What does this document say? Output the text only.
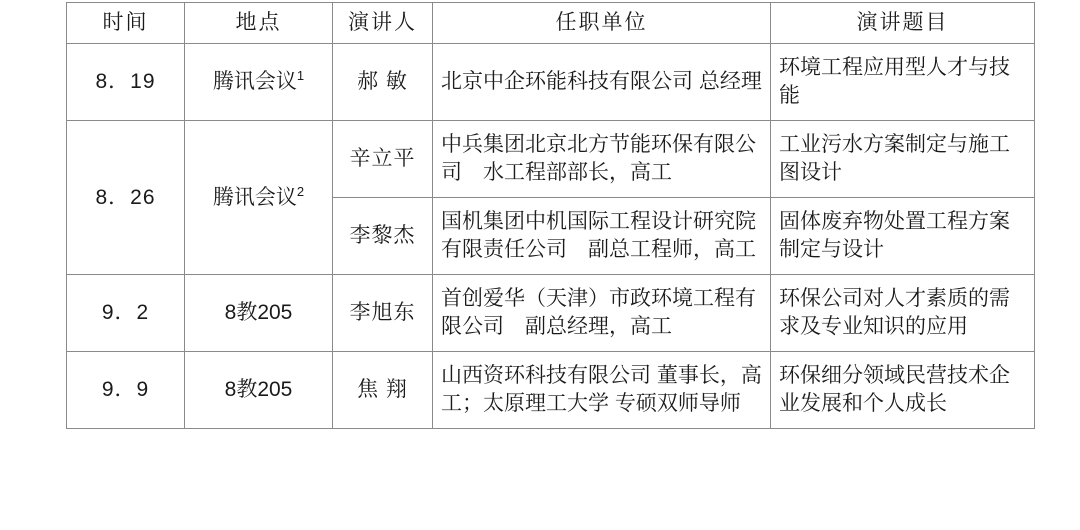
时间	地点	演讲人	任职单位	演讲题目
8．19	腾讯会议$^1$	郝 敏	北京中企环能科技有限公司 总经理	环境工程应用型人才与技能
8．26	腾讯会议$^2$	辛立平	中兵集团北京北方节能环保有限公司　水工程部部长，高工	工业污水方案制定与施工图设计
		李黎杰	国机集团中机国际工程设计研究院有限责任公司　副总工程师，高工	固体废弃物处置工程方案制定与设计
9．2	8教205	李旭东	首创爱华（天津）市政环境工程有限公司　副总经理，高工	环保公司对人才素质的需求及专业知识的应用
9．9	8教205	焦 翔	山西资环科技有限公司 董事长，高工；太原理工大学 专硕双师导师	环保细分领域民营技术企业发展和个人成长
